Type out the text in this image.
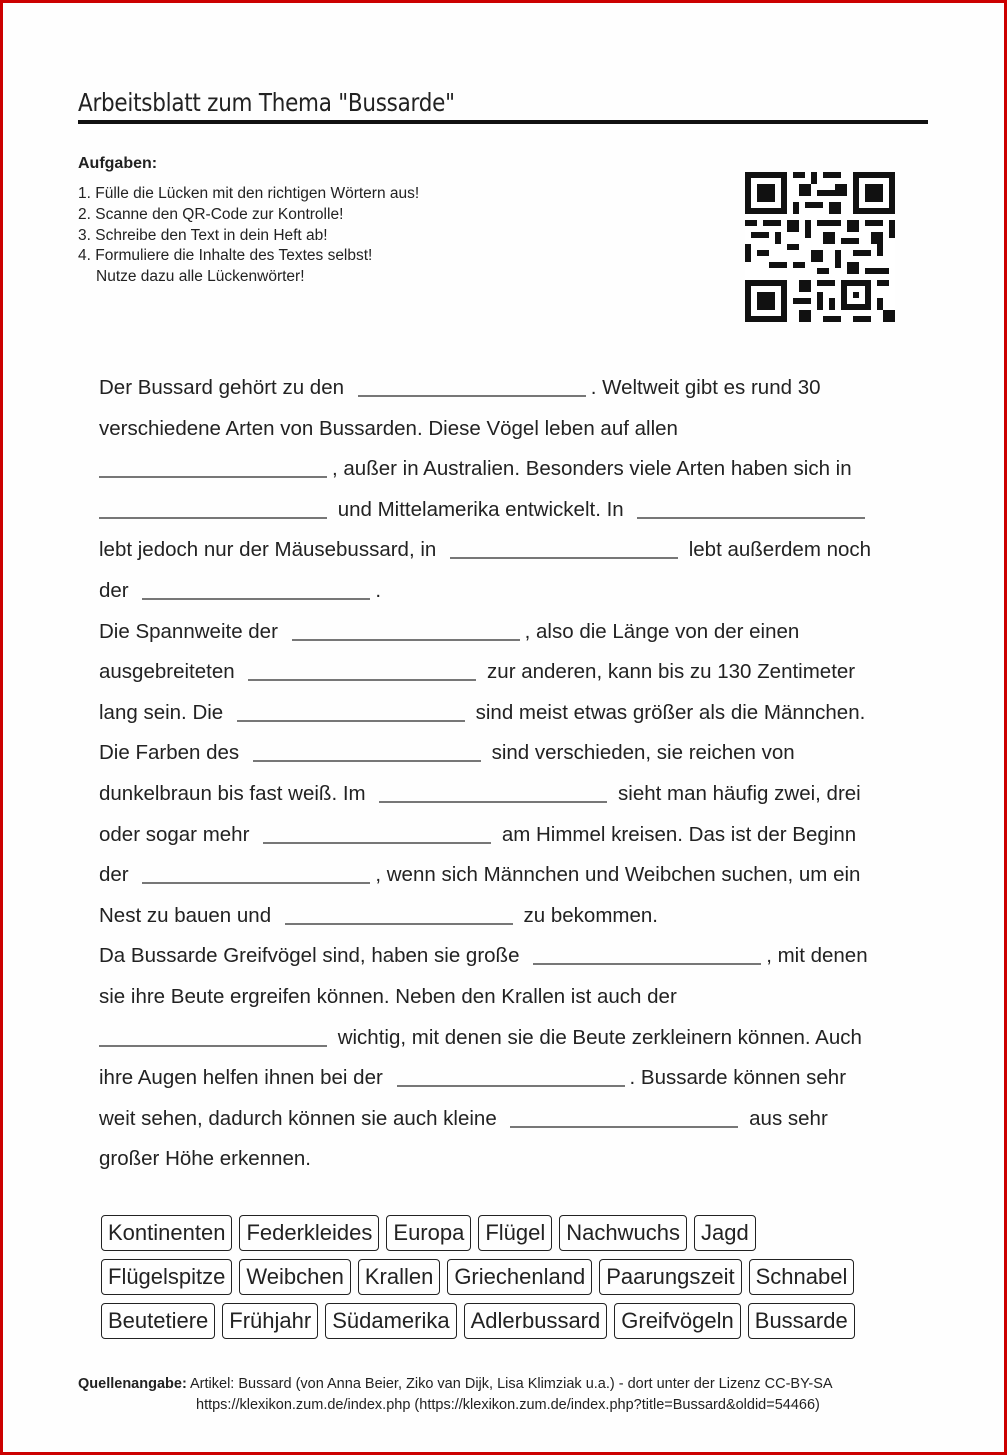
Arbeitsblatt zum Thema "Bussarde"
Aufgaben:
1. Fülle die Lücken mit den richtigen Wörtern aus!
2. Scanne den QR-Code zur Kontrolle!
3. Schreibe den Text in dein Heft ab!
4. Formuliere die Inhalte des Textes selbst!
Nutze dazu alle Lückenwörter!

Der Bussard gehört zu den	. Weltweit gibt es rund 30
verschiedene Arten von Bussarden. Diese Vögel leben auf allen
, außer in Australien. Besonders viele Arten haben sich in
und Mittelamerika entwickelt. In
lebt jedoch nur der Mäusebussard, in	lebt außerdem noch
der	.

Die Spannweite der	, also die Länge von der einen
ausgebreiteten	zur anderen, kann bis zu 130 Zentimeter
lang sein. Die	sind meist etwas größer als die Männchen.
Die Farben des	sind verschieden, sie reichen von
dunkelbraun bis fast weiß. Im	sieht man häufig zwei, drei
oder sogar mehr	am Himmel kreisen. Das ist der Beginn
der	, wenn sich Männchen und Weibchen suchen, um ein
Nest zu bauen und	zu bekommen.

Da Bussarde Greifvögel sind, haben sie große	, mit denen
sie ihre Beute ergreifen können. Neben den Krallen ist auch der
wichtig, mit denen sie die Beute zerkleinern können. Auch
ihre Augen helfen ihnen bei der	. Bussarde können sehr
weit sehen, dadurch können sie auch kleine	aus sehr
großer Höhe erkennen.

Kontinenten Federkleides Europa Flügel Nachwuchs Jagd
Flügelspitze Weibchen Krallen Griechenland Paarungszeit Schnabel
Beutetiere Frühjahr Südamerika Adlerbussard Greifvögeln Bussarde
Quellenangabe: Artikel: Bussard (von Anna Beier, Ziko van Dijk, Lisa Klimziak u.a.) - dort unter der Lizenz CC-BY-SA
https://klexikon.zum.de/index.php (https://klexikon.zum.de/index.php?title=Bussard&oldid=54466)
